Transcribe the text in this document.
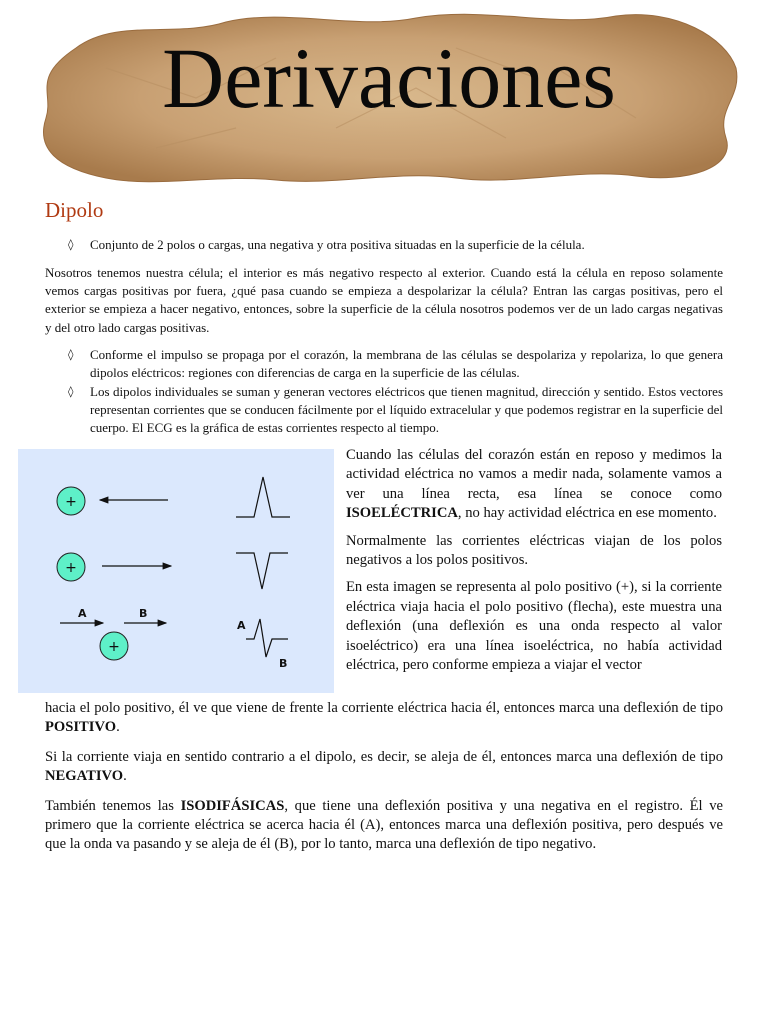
Derivaciones
Dipolo
◊	Conjunto de 2 polos o cargas, una negativa y otra positiva situadas en la superficie de la célula.
Nosotros tenemos nuestra célula; el interior es más negativo respecto al exterior. Cuando está la célula en reposo solamente vemos cargas positivas por fuera, ¿qué pasa cuando se empieza a despolarizar la célula? Entran las cargas positivas, pero el exterior se empieza a hacer negativo, entonces, sobre la superficie de la célula nosotros podemos ver de un lado cargas negativas y del otro lado cargas positivas.
◊	Conforme el impulso se propaga por el corazón, la membrana de las células se despolariza y repolariza, lo que genera dipolos eléctricos: regiones con diferencias de carga en la superficie de las células.
◊	Los dipolos individuales se suman y generan vectores eléctricos que tienen magnitud, dirección y sentido. Estos vectores representan corrientes que se conducen fácilmente por el líquido extracelular y que podemos registrar en la superficie del cuerpo. El ECG es la gráfica de estas corrientes respecto al tiempo.
+
+
A	B
+
A
B

Cuando las células del corazón están en reposo y medimos la actividad eléctrica no vamos a medir nada, solamente vamos a ver una línea recta, esa línea se conoce como ISOELÉCTRICA, no hay actividad eléctrica en ese momento.

Normalmente las corrientes eléctricas viajan de los polos negativos a los polos positivos.

En esta imagen se representa al polo positivo (+), si la corriente eléctrica viaja hacia el polo positivo (flecha), este muestra una deflexión (una deflexión es una onda respecto al valor isoeléctrico) era una línea isoeléctrica, no había actividad eléctrica, pero conforme empieza a viajar el vector

hacia el polo positivo, él ve que viene de frente la corriente eléctrica hacia él, entonces marca una deflexión de tipo POSITIVO.

Si la corriente viaja en sentido contrario a el dipolo, es decir, se aleja de él, entonces marca una deflexión de tipo NEGATIVO.

También tenemos las ISODIFÁSICAS, que tiene una deflexión positiva y una negativa en el registro. Él ve primero que la corriente eléctrica se acerca hacia él (A), entonces marca una deflexión positiva, pero después ve que la onda va pasando y se aleja de él (B), por lo tanto, marca una deflexión de tipo negativo.
